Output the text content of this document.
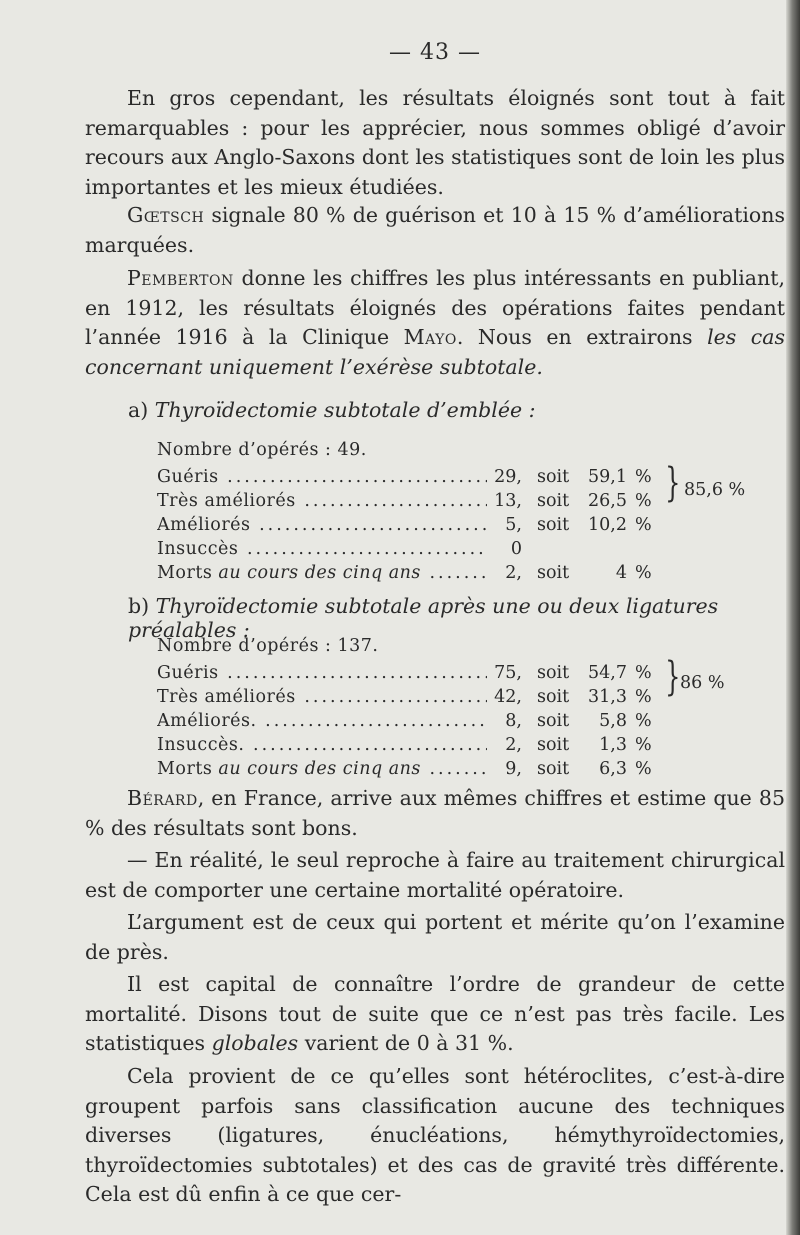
— 43 —

En gros cependant, les résultats éloignés sont tout à fait remarquables : pour les apprécier, nous sommes obligé d’avoir recours aux Anglo-Saxons dont les statistiques sont de loin les plus importantes et les mieux étudiées.

Gœtsch signale 80 % de guérison et 10 à 15 % d’améliorations marquées.

Pemberton donne les chiffres les plus intéressants en publiant, en 1912, les résultats éloignés des opérations faites pendant l’année 1916 à la Clinique Mayo. Nous en extrairons les cas concernant uniquement l’exérèse subtotale.

a) Thyroïdectomie subtotale d’emblée :
Nombre d’opérés : 49.
Guéris .....	29, soit 59,1 %
Très améliorés .....	13, soit 26,5 %
Améliorés .....	5, soit 10,2 %
Insuccès .....	0
Morts au cours des cinq ans .....	2, soit	4 %
} 85,6 %
b) Thyroïdectomie subtotale après une ou deux ligatures préalables :
Nombre d’opérés : 137.
Guéris .....	75, soit 54,7 %
Très améliorés .....	42, soit 31,3 %
Améliorés. .....	8, soit 5,8 %
Insuccès. .....	2, soit 1,3 %
Morts au cours des cinq ans .....	9, soit 6,3 %
} 86 %

Bérard, en France, arrive aux mêmes chiffres et estime que 85 % des résultats sont bons.

— En réalité, le seul reproche à faire au traitement chirurgical est de comporter une certaine mortalité opératoire.

L’argument est de ceux qui portent et mérite qu’on l’examine de près.

Il est capital de connaître l’ordre de grandeur de cette mortalité. Disons tout de suite que ce n’est pas très facile. Les statistiques globales varient de 0 à 31 %.

Cela provient de ce qu’elles sont hétéroclites, c’est-à-dire groupent parfois sans classification aucune des techniques diverses (ligatures, énucléations, hémythyroïdectomies, thyroïdectomies subtotales) et des cas de gravité très différente. Cela est dû enfin à ce que cer-
